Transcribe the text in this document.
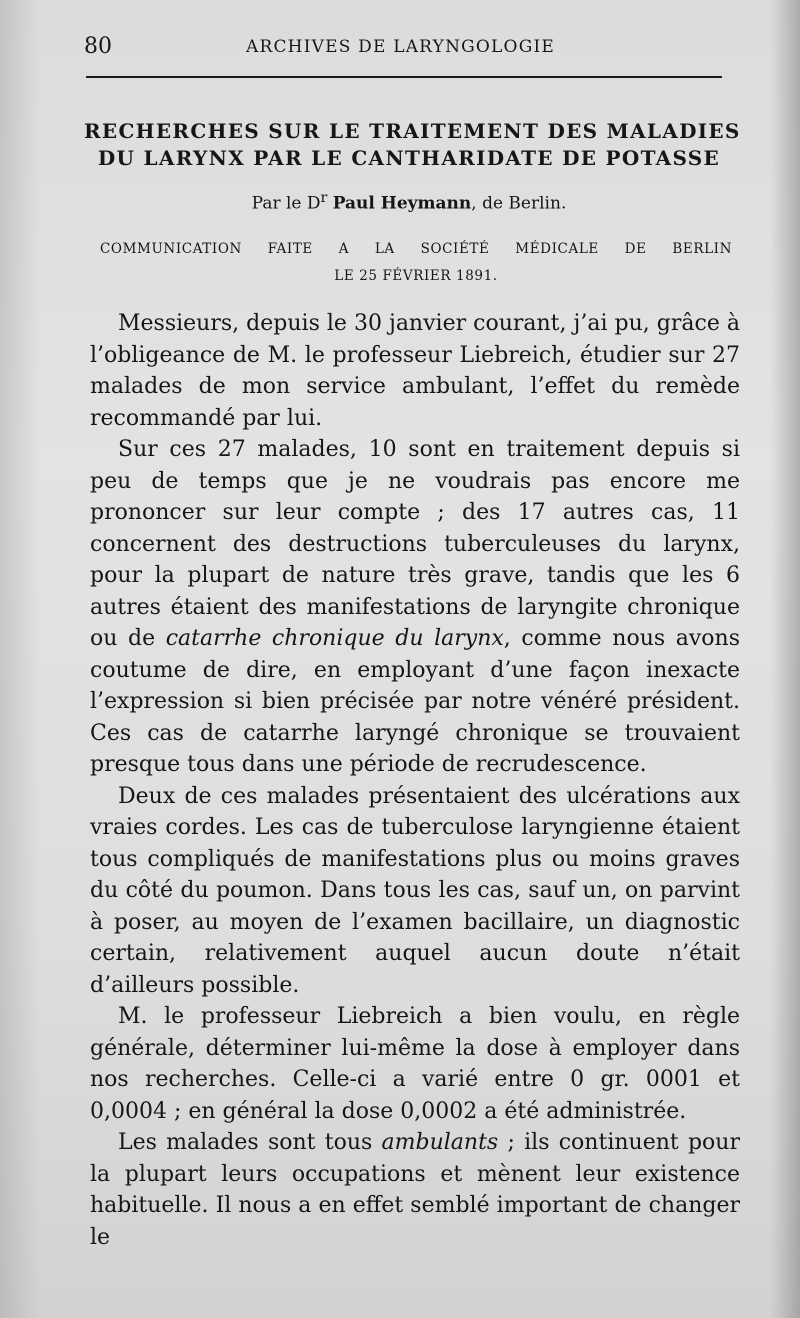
80	ARCHIVES DE LARYNGOLOGIE
RECHERCHES SUR LE TRAITEMENT DES MALADIES
DU LARYNX PAR LE CANTHARIDATE DE POTASSE
Par le $D^r$ Paul Heymann, de Berlin.
COMMUNICATION FAITE A LA SOCIÉTÉ MÉDICALE DE BERLIN
LE 25 FÉVRIER 1891.

Messieurs, depuis le 30 janvier courant, j’ai pu, grâce à l’obligeance de M. le professeur Liebreich, étudier sur 27 malades de mon service ambulant, l’effet du remède recommandé par lui.

Sur ces 27 malades, 10 sont en traitement depuis si peu de temps que je ne voudrais pas encore me prononcer sur leur compte ; des 17 autres cas, 11 concernent des destructions tuberculeuses du larynx, pour la plupart de nature très grave, tandis que les 6 autres étaient des manifestations de laryngite chronique ou de catarrhe chronique du larynx, comme nous avons coutume de dire, en employant d’une façon inexacte l’expression si bien précisée par notre vénéré président. Ces cas de catarrhe laryngé chronique se trouvaient presque tous dans une période de recrudescence.

Deux de ces malades présentaient des ulcérations aux vraies cordes. Les cas de tuberculose laryngienne étaient tous compliqués de manifestations plus ou moins graves du côté du poumon. Dans tous les cas, sauf un, on parvint à poser, au moyen de l’examen bacillaire, un diagnostic certain, relativement auquel aucun doute n’était d’ailleurs possible.

M. le professeur Liebreich a bien voulu, en règle générale, déterminer lui-même la dose à employer dans nos recherches. Celle-ci a varié entre 0 gr. 0001 et 0,0004 ; en général la dose 0,0002 a été administrée.

Les malades sont tous ambulants ; ils continuent pour la plupart leurs occupations et mènent leur existence habituelle. Il nous a en effet semblé important de changer le
